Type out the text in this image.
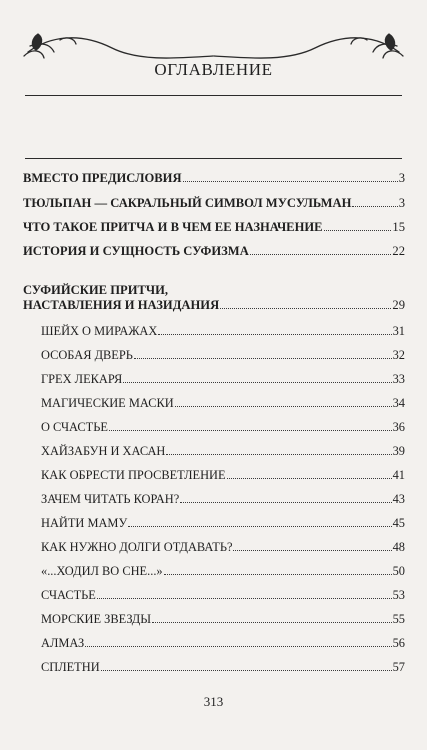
ОГЛАВЛЕНИЕ
ВМЕСТО ПРЕДИСЛОВИЯ	3
ТЮЛЬПАН — САКРАЛЬНЫЙ СИМВОЛ МУСУЛЬМАН	3
ЧТО ТАКОЕ ПРИТЧА И В ЧЕМ ЕЕ НАЗНАЧЕНИЕ	15
ИСТОРИЯ И СУЩНОСТЬ СУФИЗМА	22
СУФИЙСКИЕ ПРИТЧИ,
НАСТАВЛЕНИЯ И НАЗИДАНИЯ	29
ШЕЙХ О МИРАЖАХ	31
ОСОБАЯ ДВЕРЬ	32
ГРЕХ ЛЕКАРЯ	33
МАГИЧЕСКИЕ МАСКИ	34
О СЧАСТЬЕ	36
ХАЙЗАБУН И ХАСАН	39
КАК ОБРЕСТИ ПРОСВЕТЛЕНИЕ	41
ЗАЧЕМ ЧИТАТЬ КОРАН?	43
НАЙТИ МАМУ	45
КАК НУЖНО ДОЛГИ ОТДАВАТЬ?	48
«...ХОДИЛ ВО СНЕ...»	50
СЧАСТЬЕ	53
МОРСКИЕ ЗВЕЗДЫ	55
АЛМАЗ	56
СПЛЕТНИ	57
313
